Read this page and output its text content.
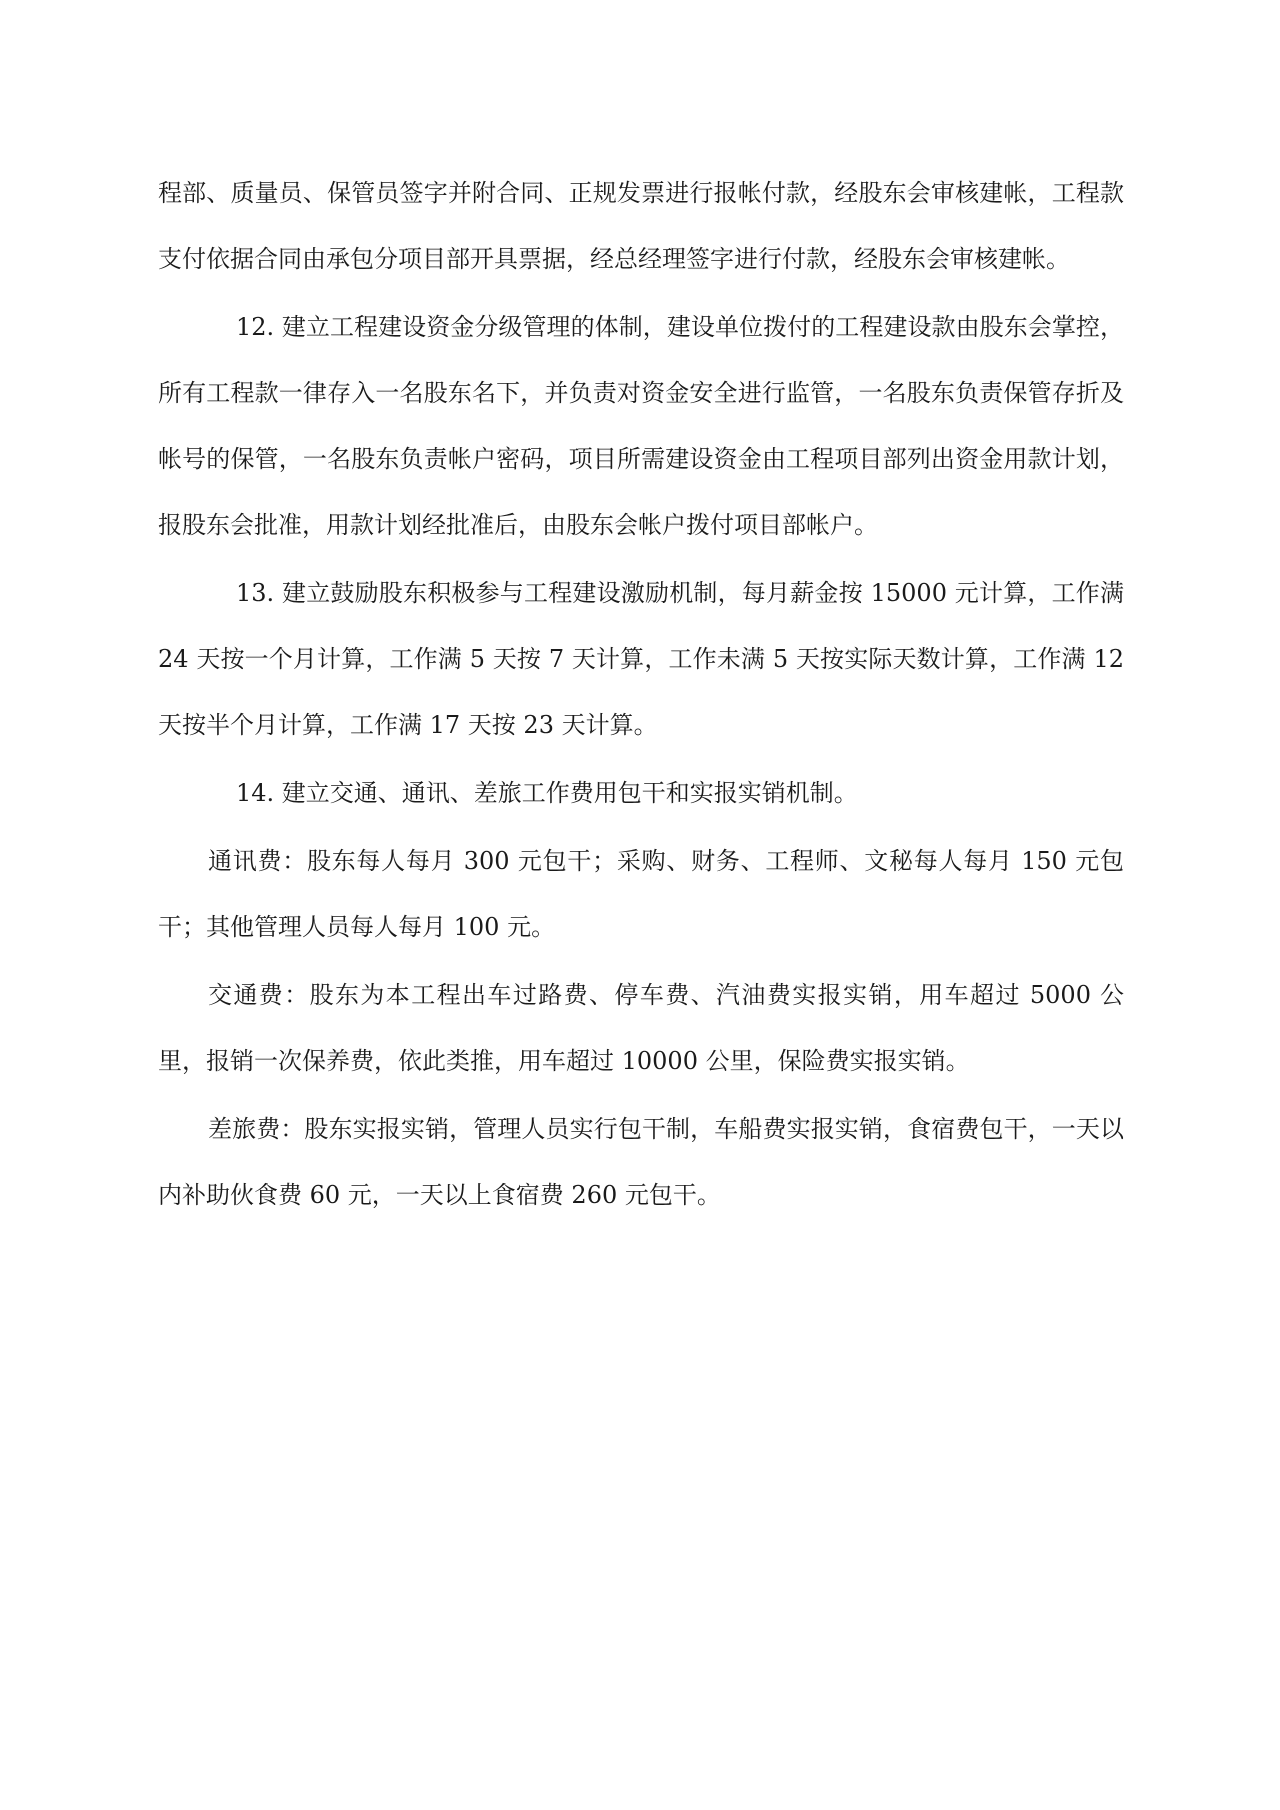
程部、质量员、保管员签字并附合同、正规发票进行报帐付款，经股东会审核建帐，工程款支付依据合同由承包分项目部开具票据，经总经理签字进行付款，经股东会审核建帐。

12. 建立工程建设资金分级管理的体制，建设单位拨付的工程建设款由股东会掌控，所有工程款一律存入一名股东名下，并负责对资金安全进行监管，一名股东负责保管存折及帐号的保管，一名股东负责帐户密码，项目所需建设资金由工程项目部列出资金用款计划，报股东会批准，用款计划经批准后，由股东会帐户拨付项目部帐户。

13. 建立鼓励股东积极参与工程建设激励机制，每月薪金按 15000 元计算，工作满 24 天按一个月计算，工作满 5 天按 7 天计算，工作未满 5 天按实际天数计算，工作满 12 天按半个月计算，工作满 17 天按 23 天计算。

14. 建立交通、通讯、差旅工作费用包干和实报实销机制。

通讯费：股东每人每月 300 元包干；采购、财务、工程师、文秘每人每月 150 元包干；其他管理人员每人每月 100 元。

交通费：股东为本工程出车过路费、停车费、汽油费实报实销，用车超过 5000 公里，报销一次保养费，依此类推，用车超过 10000 公里，保险费实报实销。

差旅费：股东实报实销，管理人员实行包干制，车船费实报实销，食宿费包干，一天以内补助伙食费 60 元，一天以上食宿费 260 元包干。
